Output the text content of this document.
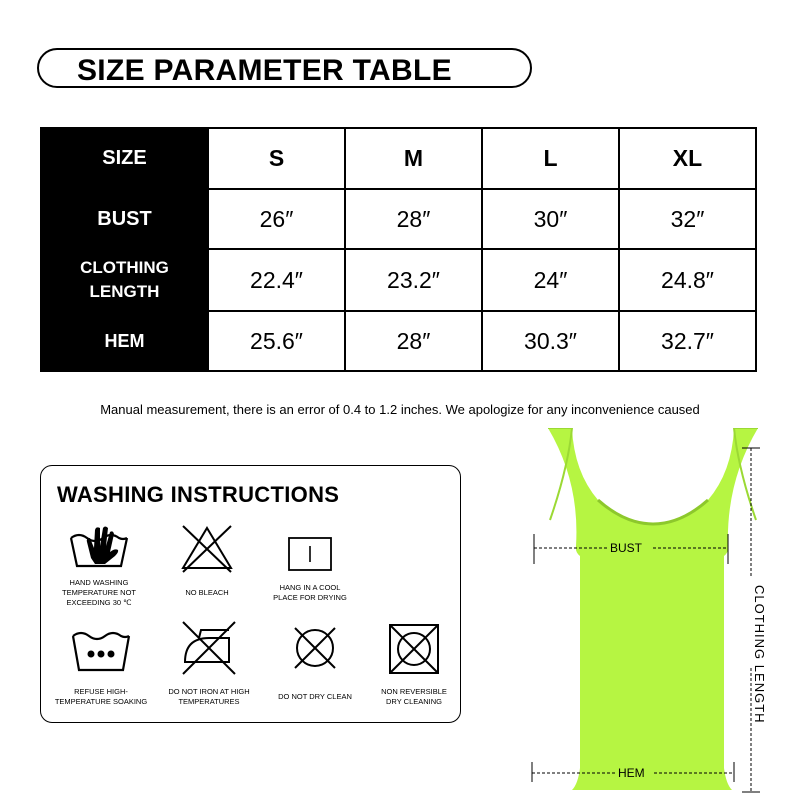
SIZE PARAMETER TABLE
SIZE	S	M	L	XL
BUST	26″	28″	30″	32″

CLOTHING
LENGTH	22.4″	23.2″	24″	24.8″
HEM	25.6″	28″	30.3″	32.7″
Manual measurement, there is an error of 0.4 to 1.2 inches. We apologize for any inconvenience caused
WASHING INSTRUCTIONS
HAND WASHING
TEMPERATURE NOT
EXCEEDING 30 ℃
NO BLEACH
HANG IN A COOL
PLACE FOR DRYING
REFUSE HIGH-
TEMPERATURE SOAKING
DO NOT IRON AT HIGH
TEMPERATURES
DO NOT DRY CLEAN
NON REVERSIBLE
DRY CLEANING
BUST
HEM
CLOTHING LENGTH
